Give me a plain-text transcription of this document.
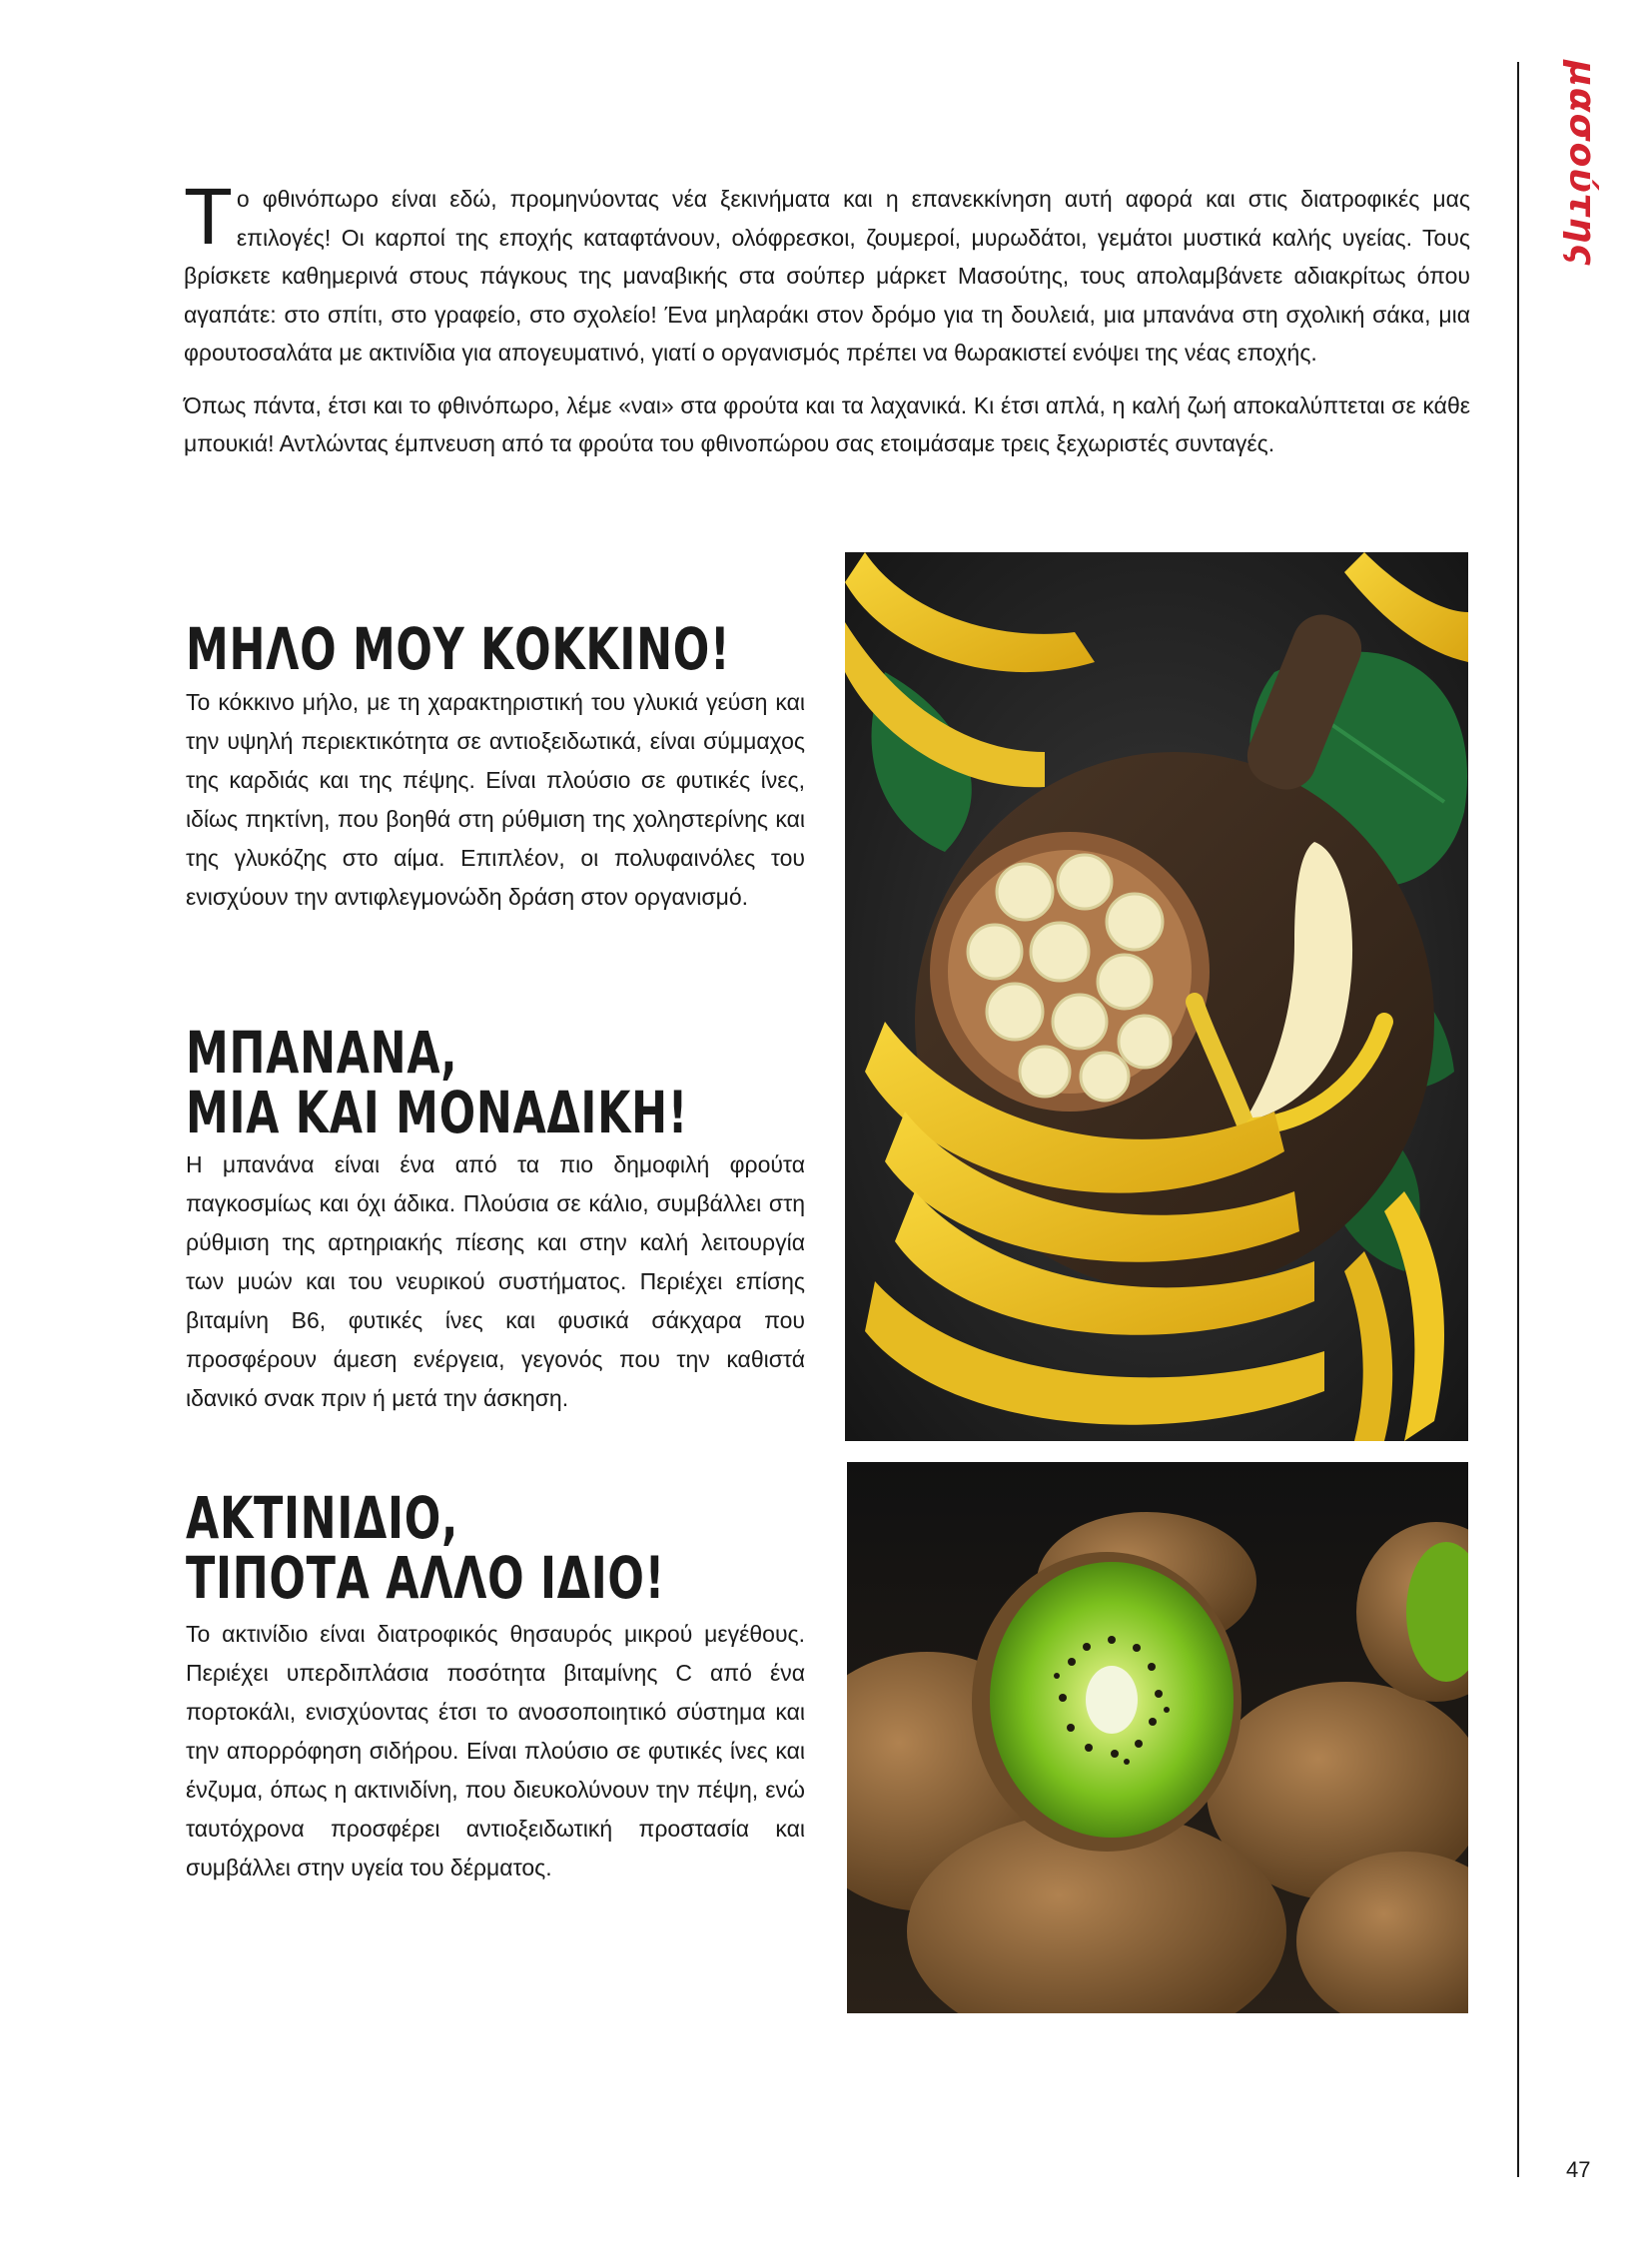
μασούτης

Το φθινόπωρο είναι εδώ, προμηνύοντας νέα ξεκινήματα και η επανεκκίνηση αυτή αφορά και στις διατροφικές μας επιλογές! Οι καρποί της εποχής καταφτάνουν, ολόφρεσκοι, ζουμεροί, μυρωδάτοι, γεμάτοι μυστικά καλής υγείας. Τους βρίσκετε καθημερινά στους πάγκους της μαναβικής στα σούπερ μάρκετ Μασούτης, τους απολαμβάνετε αδιακρίτως όπου αγαπάτε: στο σπίτι, στο γραφείο, στο σχολείο! Ένα μηλαράκι στον δρόμο για τη δουλειά, μια μπανάνα στη σχολική σάκα, μια φρουτοσαλάτα με ακτινίδια για απογευματινό, γιατί ο οργανισμός πρέπει να θωρακιστεί ενόψει της νέας εποχής.

Όπως πάντα, έτσι και το φθινόπωρο, λέμε «ναι» στα φρούτα και τα λαχανικά. Κι έτσι απλά, η καλή ζωή αποκαλύπτεται σε κάθε μπουκιά! Αντλώντας έμπνευση από τα φρούτα του φθινοπώρου σας ετοιμάσαμε τρεις ξεχωριστές συνταγές.

ΜΗΛΟ ΜΟΥ ΚΟΚΚΙΝΟ!

Το κόκκινο μήλο, με τη χαρακτηριστική του γλυκιά γεύση και την υψηλή περιεκτικότητα σε αντιοξειδωτικά, είναι σύμμαχος της καρδιάς και της πέψης. Είναι πλούσιο σε φυτικές ίνες, ιδίως πηκτίνη, που βοηθά στη ρύθμιση της χοληστερίνης και της γλυκόζης στο αίμα. Επιπλέον, οι πολυφαινόλες του ενισχύουν την αντιφλεγμονώδη δράση στον οργανισμό.

ΜΠΑΝΑΝΑ,
ΜΙΑ ΚΑΙ ΜΟΝΑΔΙΚΗ!

Η μπανάνα είναι ένα από τα πιο δημοφιλή φρούτα παγκοσμίως και όχι άδικα. Πλούσια σε κάλιο, συμβάλλει στη ρύθμιση της αρτηριακής πίεσης και στην καλή λειτουργία των μυών και του νευρικού συστήματος. Περιέχει επίσης βιταμίνη Β6, φυτικές ίνες και φυσικά σάκχαρα που προσφέρουν άμεση ενέργεια, γεγονός που την καθιστά ιδανικό σνακ πριν ή μετά την άσκηση.

ΑΚΤΙΝΙΔΙΟ,
ΤΙΠΟΤΑ ΑΛΛΟ ΙΔΙΟ!

Το ακτινίδιο είναι διατροφικός θησαυρός μικρού μεγέθους. Περιέχει υπερδιπλάσια ποσότητα βιταμίνης C από ένα πορτοκάλι, ενισχύοντας έτσι το ανοσοποιητικό σύστημα και την απορρόφηση σιδήρου. Είναι πλούσιο σε φυτικές ίνες και ένζυμα, όπως η ακτινιδίνη, που διευκολύνουν την πέψη, ενώ ταυτόχρονα προσφέρει αντιοξειδωτική προστασία και συμβάλλει στην υγεία του δέρματος.

47
